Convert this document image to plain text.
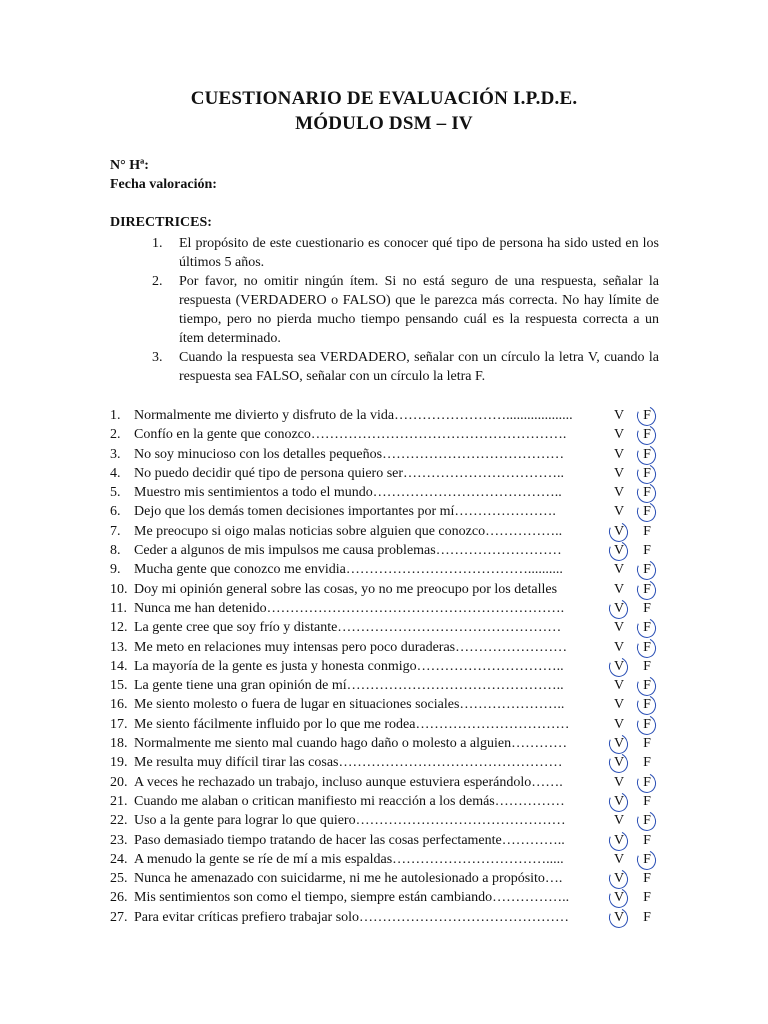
CUESTIONARIO DE EVALUACIÓN I.P.D.E.
MÓDULO DSM – IV
N° Hª:
Fecha valoración:
DIRECTRICES:
1. El propósito de este cuestionario es conocer qué tipo de persona ha sido usted en los últimos 5 años.
2. Por favor, no omitir ningún ítem. Si no está seguro de una respuesta, señalar la respuesta (VERDADERO o FALSO) que le parezca más correcta. No hay límite de tiempo, pero no pierda mucho tiempo pensando cuál es la respuesta correcta a un ítem determinado.
3. Cuando la respuesta sea VERDADERO, señalar con un círculo la letra V, cuando la respuesta sea FALSO, señalar con un círculo la letra F.
1. Normalmente me divierto y disfruto de la vida……………………...................	V F
2. Confío en la gente que conozco……………………………………………….	V F
3. No soy minucioso con los detalles pequeños…………………………………	V F
4. No puedo decidir qué tipo de persona quiero ser……………………………..	V F
5. Muestro mis sentimientos a todo el mundo…………………………………..	V F
6. Dejo que los demás tomen decisiones importantes por mí………………….	V F
7. Me preocupo si oigo malas noticias sobre alguien que conozco……………..	V F
8. Ceder a algunos de mis impulsos me causa problemas………………………	V F
9. Mucha gente que conozco me envidia…………………………………..........	V F
10. Doy mi opinión general sobre las cosas, yo no me preocupo por los detalles	V F
11. Nunca me han detenido……………………………………………………….	V F
12. La gente cree que soy frío y distante…………………………………………	V F
13. Me meto en relaciones muy intensas pero poco duraderas……………………	V F
14. La mayoría de la gente es justa y honesta conmigo…………………………..	V F
15. La gente tiene una gran opinión de mí………………………………………..	V F
16. Me siento molesto o fuera de lugar en situaciones sociales…………………..	V F
17. Me siento fácilmente influido por lo que me rodea……………………………	V F
18. Normalmente me siento mal cuando hago daño o molesto a alguien…………	V F
19. Me resulta muy difícil tirar las cosas…………………………………………	V F
20. A veces he rechazado un trabajo, incluso aunque estuviera esperándolo…….	V F
21. Cuando me alaban o critican manifiesto mi reacción a los demás……………	V F
22. Uso a la gente para lograr lo que quiero………………………………………	V F
23. Paso demasiado tiempo tratando de hacer las cosas perfectamente…………..	V F
24. A menudo la gente se ríe de mí a mis espaldas…………………………….....	V F
25. Nunca he amenazado con suicidarme, ni me he autolesionado a propósito….	V F
26. Mis sentimientos son como el tiempo, siempre están cambiando……………..	V F
27. Para evitar críticas prefiero trabajar solo………………………………………	V F
